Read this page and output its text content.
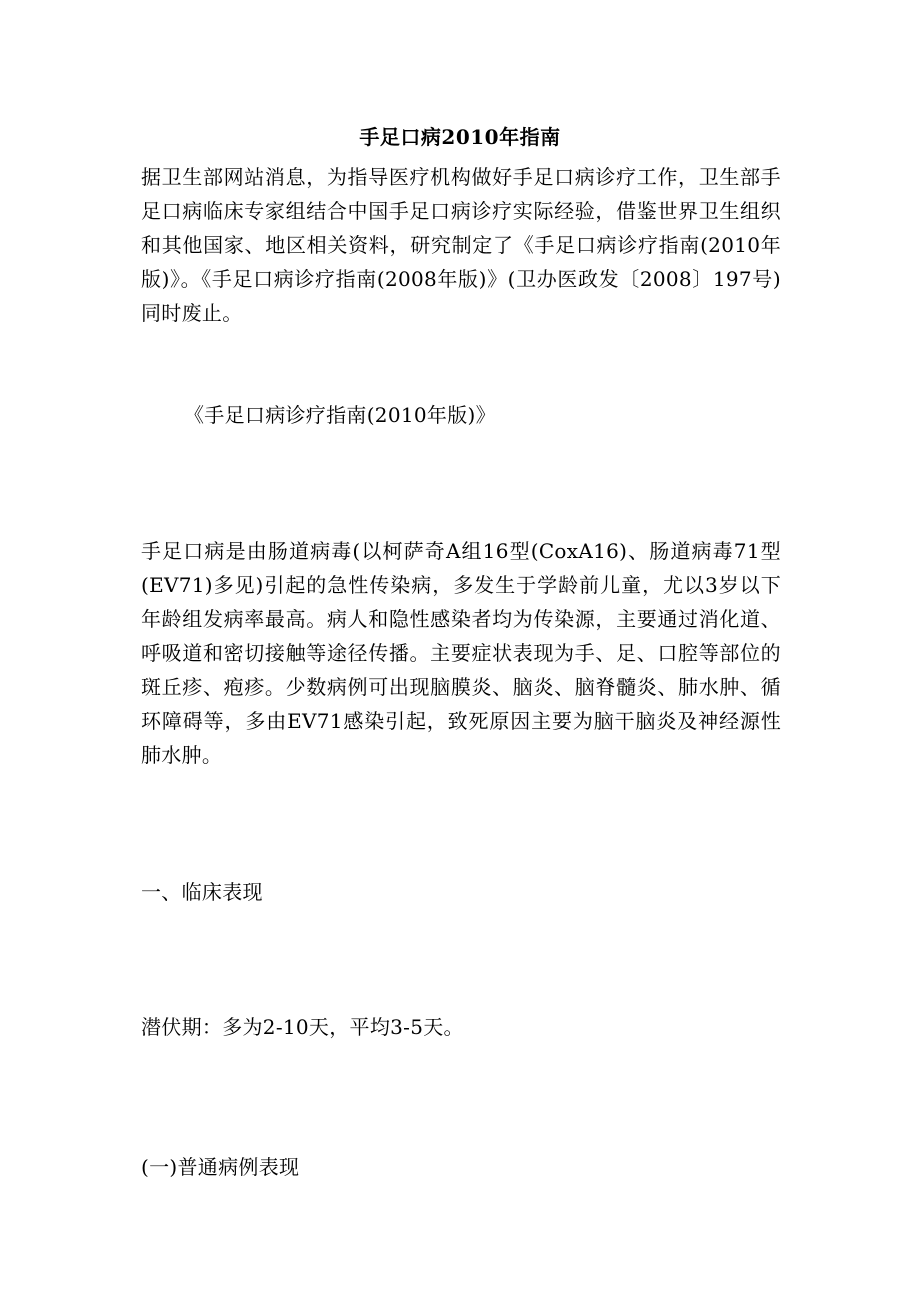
手足口病2010年指南
据卫生部网站消息，为指导医疗机构做好手足口病诊疗工作，卫生部手足口病临床专家组结合中国手足口病诊疗实际经验，借鉴世界卫生组织和其他国家、地区相关资料，研究制定了《手足口病诊疗指南(2010年版)》。《手足口病诊疗指南(2008年版)》(卫办医政发〔2008〕197号)同时废止。
《手足口病诊疗指南(2010年版)》
手足口病是由肠道病毒(以柯萨奇A组16型(CoxA16)、肠道病毒71型(EV71)多见)引起的急性传染病，多发生于学龄前儿童，尤以3岁以下年龄组发病率最高。病人和隐性感染者均为传染源，主要通过消化道、呼吸道和密切接触等途径传播。主要症状表现为手、足、口腔等部位的斑丘疹、疱疹。少数病例可出现脑膜炎、脑炎、脑脊髓炎、肺水肿、循环障碍等，多由EV71感染引起，致死原因主要为脑干脑炎及神经源性肺水肿。
一、临床表现
潜伏期：多为2-10天，平均3-5天。
(一)普通病例表现
